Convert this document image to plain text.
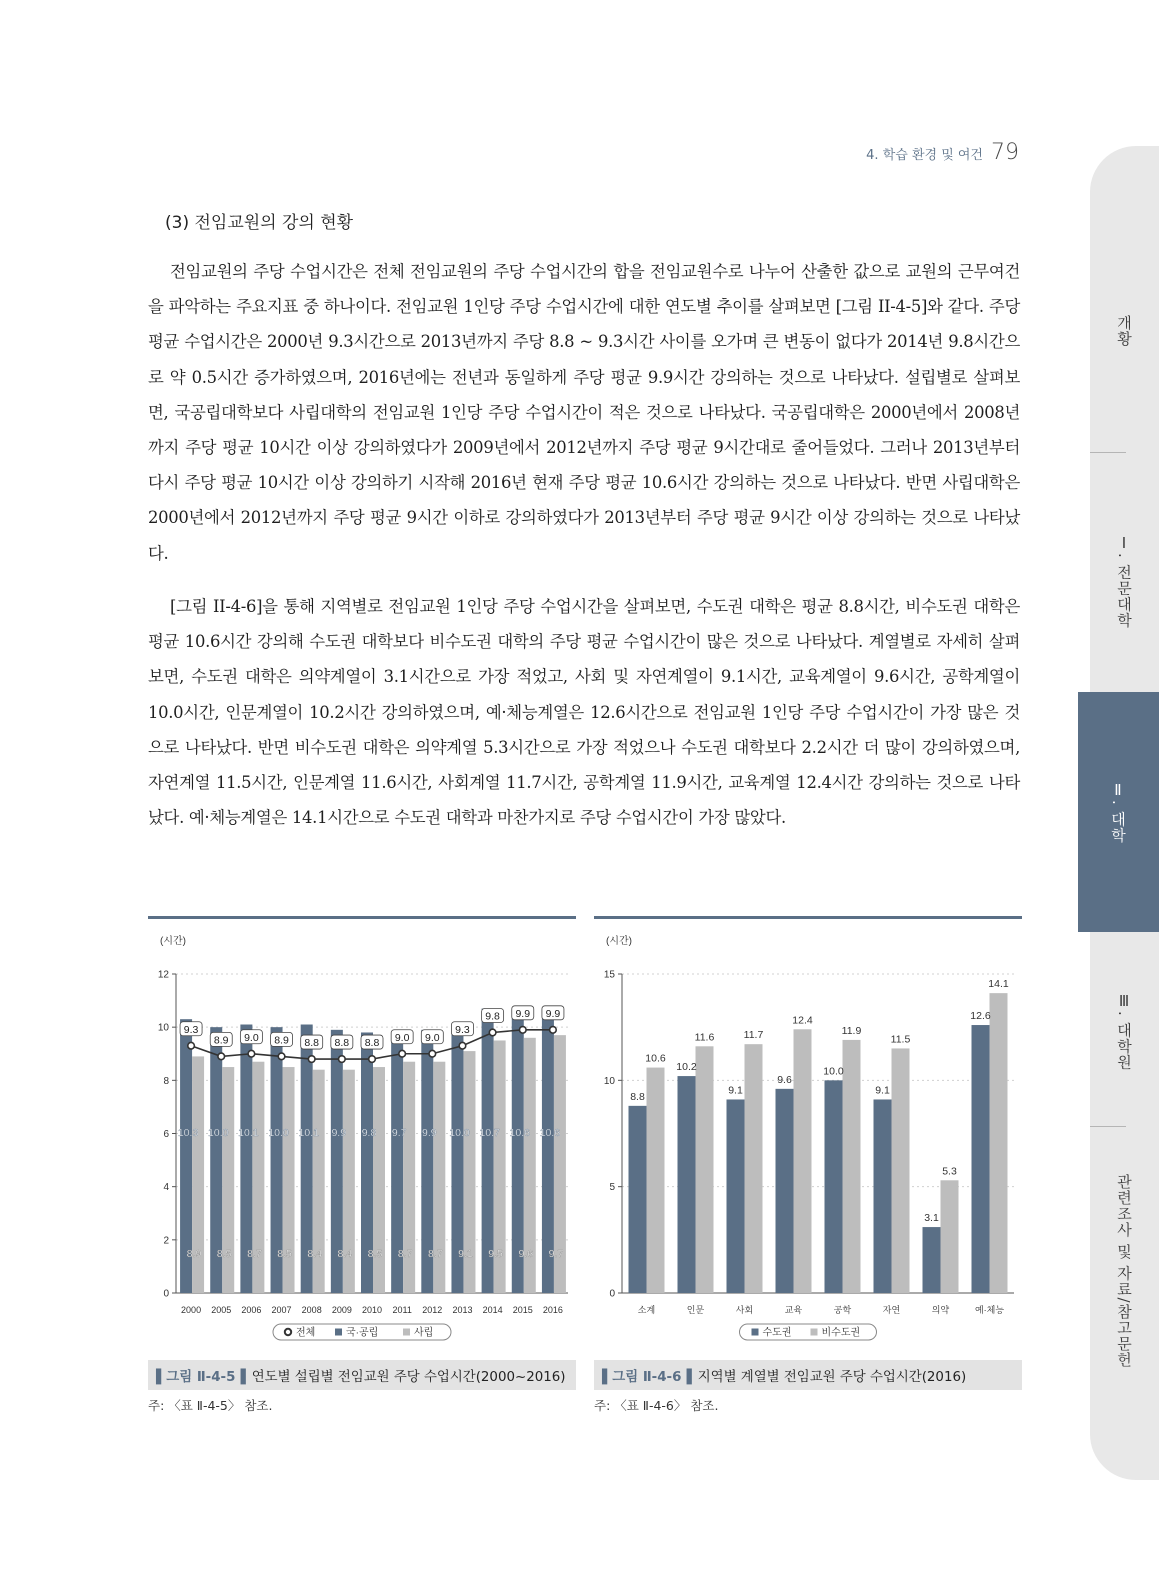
4. 학습 환경 및 여건 79
개황
Ⅰ. 전문대학
Ⅱ. 대학
Ⅲ. 대학원
관련조사 및 자료/참고문헌
(3) 전임교원의 강의 현황

전임교원의 주당 수업시간은 전체 전임교원의 주당 수업시간의 합을 전임교원수로 나누어 산출한 값으로 교원의 근무여건을 파악하는 주요지표 중 하나이다. 전임교원 1인당 주당 수업시간에 대한 연도별 추이를 살펴보면 [그림 II-4-5]와 같다. 주당 평균 수업시간은 2000년 9.3시간으로 2013년까지 주당 8.8 ~ 9.3시간 사이를 오가며 큰 변동이 없다가 2014년 9.8시간으로 약 0.5시간 증가하였으며, 2016년에는 전년과 동일하게 주당 평균 9.9시간 강의하는 것으로 나타났다. 설립별로 살펴보면, 국공립대학보다 사립대학의 전임교원 1인당 주당 수업시간이 적은 것으로 나타났다. 국공립대학은 2000년에서 2008년까지 주당 평균 10시간 이상 강의하였다가 2009년에서 2012년까지 주당 평균 9시간대로 줄어들었다. 그러나 2013년부터 다시 주당 평균 10시간 이상 강의하기 시작해 2016년 현재 주당 평균 10.6시간 강의하는 것으로 나타났다. 반면 사립대학은 2000년에서 2012년까지 주당 평균 9시간 이하로 강의하였다가 2013년부터 주당 평균 9시간 이상 강의하는 것으로 나타났다.

[그림 II-4-6]을 통해 지역별로 전임교원 1인당 주당 수업시간을 살펴보면, 수도권 대학은 평균 8.8시간, 비수도권 대학은 평균 10.6시간 강의해 수도권 대학보다 비수도권 대학의 주당 평균 수업시간이 많은 것으로 나타났다. 계열별로 자세히 살펴보면, 수도권 대학은 의약계열이 3.1시간으로 가장 적었고, 사회 및 자연계열이 9.1시간, 교육계열이 9.6시간, 공학계열이 10.0시간, 인문계열이 10.2시간 강의하였으며, 예·체능계열은 12.6시간으로 전임교원 1인당 주당 수업시간이 가장 많은 것으로 나타났다. 반면 비수도권 대학은 의약계열 5.3시간으로 가장 적었으나 수도권 대학보다 2.2시간 더 많이 강의하였으며, 자연계열 11.5시간, 인문계열 11.6시간, 사회계열 11.7시간, 공학계열 11.9시간, 교육계열 12.4시간 강의하는 것으로 나타났다. 예·체능계열은 14.1시간으로 수도권 대학과 마찬가지로 주당 수업시간이 가장 많았다.

(시간)
0
2
4
6
8
10
12
2000 2005 2006 2007 2008 2009 2010 2011 2012 2013 2014 2015 2016
10.3
8.9
10.0
8.5
10.1
8.7
10.0
8.5
10.1
8.4
9.9
8.4
9.8
8.5
9.7
8.7
9.9
8.7
10.0
9.1
10.7
9.5
10.6
9.6
10.6
9.7
9.3
8.9 9.0 8.9 8.8 8.8 8.8 9.0 9.0
9.3
9.8 9.9 9.9
전체	국·공립	사립
▌그림 Ⅱ-4-5▐ 연도별 설립별 전임교원 주당 수업시간(2000~2016)
주: 〈표 Ⅱ-4-5〉 참조.
(시간)
0
5
10
15
8.8
10.6
소계
10.2
11.6
인문
9.1
11.7
사회
9.6
12.4
교육
10.0
11.9
공학
9.1
11.5
자연
3.1
5.3
의약
12.6
14.1
예·체능
수도권	비수도권
▌그림 Ⅱ-4-6▐ 지역별 계열별 전임교원 주당 수업시간(2016)
주: 〈표 Ⅱ-4-6〉 참조.
